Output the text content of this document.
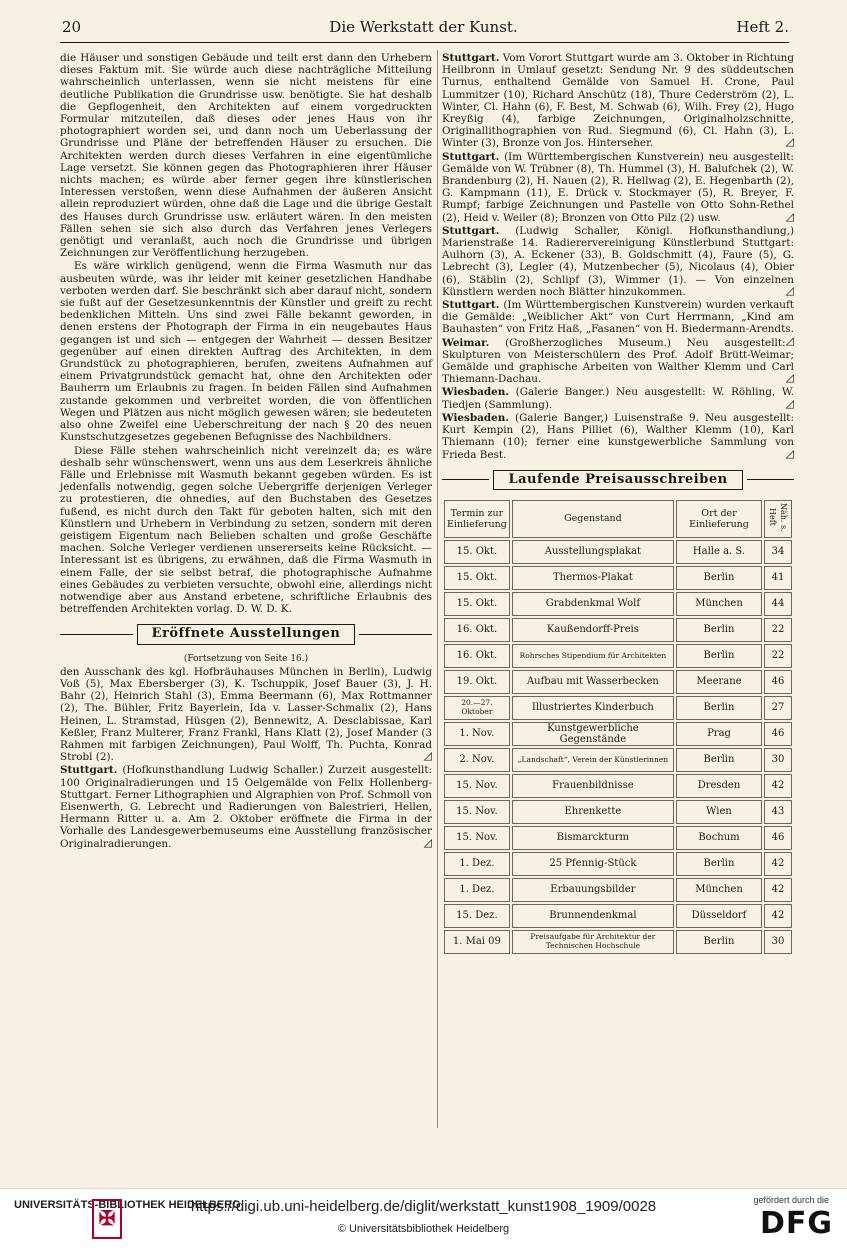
20	Die Werkstatt der Kunst.	Heft 2.

die Häuser und sonstigen Gebäude und teilt erst dann den Urhebern dieses Faktum mit. Sie würde auch diese nachträgliche Mitteilung wahrscheinlich unterlassen, wenn sie nicht meistens für eine deutliche Publikation die Grundrisse usw. benötigte. Sie hat deshalb die Gepflogenheit, den Architekten auf einem vorgedruckten Formular mitzuteilen, daß dieses oder jenes Haus von ihr photographiert worden sei, und dann noch um Ueberlassung der Grundrisse und Pläne der betreffenden Häuser zu ersuchen. Die Architekten werden durch dieses Verfahren in eine eigentümliche Lage versetzt. Sie können gegen das Photographieren ihrer Häuser nichts machen; es würde aber ferner gegen ihre künstlerischen Interessen verstoßen, wenn diese Aufnahmen der äußeren Ansicht allein reproduziert würden, ohne daß die Lage und die übrige Gestalt des Hauses durch Grundrisse usw. erläutert wären. In den meisten Fällen sehen sie sich also durch das Verfahren jenes Verlegers genötigt und veranlaßt, auch noch die Grundrisse und übrigen Zeichnungen zur Veröffentlichung herzugeben.

Es wäre wirklich genügend, wenn die Firma Wasmuth nur das ausbeuten würde, was ihr leider mit keiner gesetzlichen Handhabe verboten werden darf. Sie beschränkt sich aber darauf nicht, sondern sie fußt auf der Gesetzesunkenntnis der Künstler und greift zu recht bedenklichen Mitteln. Uns sind zwei Fälle bekannt geworden, in denen erstens der Photograph der Firma in ein neugebautes Haus gegangen ist und sich — entgegen der Wahrheit — dessen Besitzer gegenüber auf einen direkten Auftrag des Architekten, in dem Grundstück zu photographieren, berufen, zweitens Aufnahmen auf einem Privatgrundstück gemacht hat, ohne den Architekten oder Bauherrn um Erlaubnis zu fragen. In beiden Fällen sind Aufnahmen zustande gekommen und verbreitet worden, die von öffentlichen Wegen und Plätzen aus nicht möglich gewesen wären; sie bedeuteten also ohne Zweifel eine Ueberschreitung der nach § 20 des neuen Kunstschutzgesetzes gegebenen Befugnisse des Nachbildners.

Diese Fälle stehen wahrscheinlich nicht vereinzelt da; es wäre deshalb sehr wünschenswert, wenn uns aus dem Leserkreis ähnliche Fälle und Erlebnisse mit Wasmuth bekannt gegeben würden. Es ist jedenfalls notwendig, gegen solche Uebergriffe derjenigen Verleger zu protestieren, die ohnedies, auf den Buchstaben des Gesetzes fußend, es nicht durch den Takt für geboten halten, sich mit den Künstlern und Urhebern in Verbindung zu setzen, sondern mit deren geistigem Eigentum nach Belieben schalten und große Geschäfte machen. Solche Verleger verdienen unsererseits keine Rücksicht. — Interessant ist es übrigens, zu erwähnen, daß die Firma Wasmuth in einem Falle, der sie selbst betraf, die photographische Aufnahme eines Gebäudes zu verbieten versuchte, obwohl eine, allerdings nicht notwendige aber aus Anstand erbetene, schriftliche Erlaubnis des betreffenden Architekten vorlag. D. W. D. K.

Eröffnete Ausstellungen

(Fortsetzung von Seite 16.)

den Ausschank des kgl. Hofbräuhauses München in Berlin), Ludwig Voß (5), Max Ebersberger (3), K. Tschuppik, Josef Bauer (3), J. H. Bahr (2), Heinrich Stahl (3), Emma Beermann (6), Max Rottmanner (2), The. Bühler, Fritz Bayerlein, Ida v. Lasser-Schmalix (2), Hans Heinen, L. Stramstad, Hüsgen (2), Bennewitz, A. Desclabissae, Karl Keßler, Franz Multerer, Franz Frankl, Hans Klatt (2), Josef Mander (3 Rahmen mit farbigen Zeichnungen), Paul Wolff, Th. Puchta, Konrad Strobl (2).	◿

Stuttgart. (Hofkunsthandlung Ludwig Schaller.) Zurzeit ausgestellt: 100 Originalradierungen und 15 Oelgemälde von Felix Hollenberg-Stuttgart. Ferner Lithographien und Algraphien von Prof. Schmoll von Eisenwerth, G. Lebrecht und Radierungen von Balestrieri, Hellen, Hermann Ritter u. a. Am 2. Oktober eröffnete die Firma in der Vorhalle des Landesgewerbemuseums eine Ausstellung französischer Originalradierungen.	◿

Stuttgart. Vom Vorort Stuttgart wurde am 3. Oktober in Richtung Heilbronn in Umlauf gesetzt: Sendung Nr. 9 des süddeutschen Turnus, enthaltend Gemälde von Samuel H. Crone, Paul Lummitzer (10), Richard Anschütz (18), Thure Cederström (2), L. Winter, Cl. Hahn (6), F. Best, M. Schwab (6), Wilh. Frey (2), Hugo Kreyßig (4), farbige Zeichnungen, Originalholzschnitte, Originallithographien von Rud. Siegmund (6), Cl. Hahn (3), L. Winter (3), Bronze von Jos. Hinterseher.	◿

Stuttgart. (Im Württembergischen Kunstverein) neu ausgestellt: Gemälde von W. Trübner (8), Th. Hummel (3), H. Balufchek (2), W. Brandenburg (2), H. Nauen (2), R. Hellwag (2), E. Hegenbarth (2), G. Kampmann (11), E. Drück v. Stockmayer (5), R. Breyer, F. Rumpf; farbige Zeichnungen und Pastelle von Otto Sohn-Rethel (2), Heid v. Weiler (8); Bronzen von Otto Pilz (2) usw.	◿

Stuttgart. (Ludwig Schaller, Königl. Hofkunsthandlung,) Marienstraße 14. Radierervereinigung Künstlerbund Stuttgart: Aulhorn (3), A. Eckener (33), B. Goldschmitt (4), Faure (5), G. Lebrecht (3), Legler (4), Mutzenbecher (5), Nicolaus (4), Obier (6), Stäblin (2), Schlipf (3), Wimmer (1). — Von einzelnen Künstlern werden noch Blätter hinzukommen.	◿

Stuttgart. (Im Württembergischen Kunstverein) wurden verkauft die Gemälde: „Weiblicher Akt“ von Curt Herrmann, „Kind am Bauhasten“ von Fritz Haß, „Fasanen“ von H. Biedermann-Arendts.
◿

Weimar. (Großherzogliches Museum.) Neu ausgestellt: Skulpturen von Meisterschülern des Prof. Adolf Brütt-Weimar; Gemälde und graphische Arbeiten von Walther Klemm und Carl Thiemann-Dachau.	◿

Wiesbaden. (Galerie Banger.) Neu ausgestellt: W. Röhling, W. Tiedjen (Sammlung).	◿

Wiesbaden. (Galerie Banger,) Luisenstraße 9. Neu ausgestellt: Kurt Kempin (2), Hans Pilliet (6), Walther Klemm (10), Karl Thiemann (10); ferner eine kunstgewerbliche Sammlung von Frieda Best.	◿

Laufende Preisausschreiben
Termin zur Einlieferung	Gegenstand	Ort der Einlieferung	Näh. s. Heft
15. Okt.	Ausstellungsplakat	Halle a. S.	34
15. Okt.	Thermos-Plakat	Berlin	41
15. Okt.	Grabdenkmal Wolf	München	44
16. Okt.	Kaußendorff-Preis	Berlin	22
16. Okt.	Rohrsches Stipendium für Architekten	Berlin	22
19. Okt.	Aufbau mit Wasserbecken	Meerane	46
20.—27. Oktober	Illustriertes Kinderbuch	Berlin	27
1. Nov.	Kunstgewerbliche Gegenstände	Prag	46
2. Nov.	„Landschaft“, Verein der Künstlerinnen	Berlin	30
15. Nov.	Frauenbildnisse	Dresden	42
15. Nov.	Ehrenkette	Wien	43
15. Nov.	Bismarckturm	Bochum	46
1. Dez.	25 Pfennig-Stück	Berlin	42
1. Dez.	Erbauungsbilder	München	42
15. Dez.	Brunnendenkmal	Düsseldorf	42
1. Mai 09	Preisaufgabe für Architektur der Technischen Hochschule	Berlin	30
UNIVERSITÄTS-BIBLIOTHEK HEIDELBERG
✠
https://digi.ub.uni-heidelberg.de/diglit/werkstatt_kunst1908_1909/0028
© Universitätsbibliothek Heidelberg
gefördert durch die
DFG
